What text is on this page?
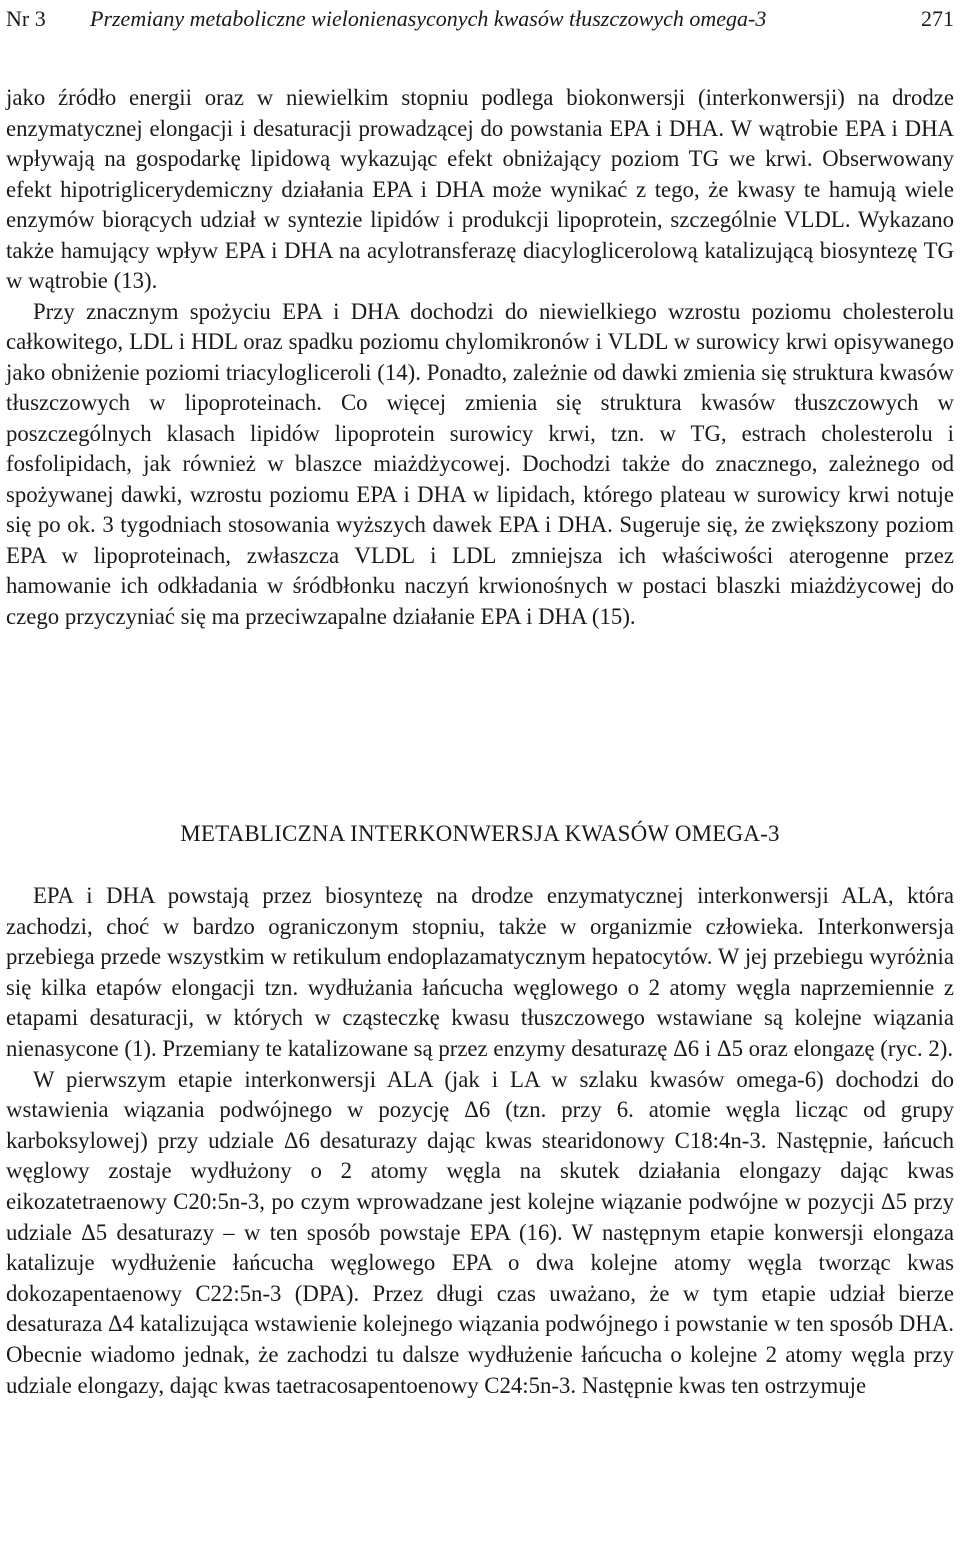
Nr 3 Przemiany metaboliczne wielonienasyconych kwasów tłuszczowych omega-3	271

jako źródło energii oraz w niewielkim stopniu podlega biokonwersji (interkonwersji) na drodze enzymatycznej elongacji i desaturacji prowadzącej do powstania EPA i DHA. W wątrobie EPA i DHA wpływają na gospodarkę lipidową wykazując efekt obniżający poziom TG we krwi. Obserwowany efekt hipotriglicerydemiczny działania EPA i DHA może wynikać z tego, że kwasy te hamują wiele enzymów biorących udział w syntezie lipidów i produkcji lipoprotein, szczególnie VLDL. Wykazano także hamujący wpływ EPA i DHA na acylotransferazę diacyloglicerolową katalizującą biosyntezę TG w wątrobie (13).

Przy znacznym spożyciu EPA i DHA dochodzi do niewielkiego wzrostu poziomu cholesterolu całkowitego, LDL i HDL oraz spadku poziomu chylomikronów i VLDL w surowicy krwi opisywanego jako obniżenie poziomi triacyloglicerolі (14). Ponadto, zależnie od dawki zmienia się struktura kwasów tłuszczowych w lipoproteinach. Co więcej zmienia się struktura kwasów tłuszczowych w poszczególnych klasach lipidów lipoprotein surowicy krwi, tzn. w TG, estrach cholesterolu i fosfolipidach, jak również w blaszce miażdżycowej. Dochodzi także do znacznego, zależnego od spożywanej dawki, wzrostu poziomu EPA i DHA w lipidach, którego plateau w surowicy krwi notuje się po ok. 3 tygodniach stosowania wyższych dawek EPA i DHA. Sugeruje się, że zwiększony poziom EPA w lipoproteinach, zwłaszcza VLDL i LDL zmniejsza ich właściwości aterogenne przez hamowanie ich odkładania w śródbłonku naczyń krwionośnych w postaci blaszki miażdżycowej do czego przyczyniać się ma przeciwzapalne działanie EPA i DHA (15).

METABLICZNA INTERKONWERSJA KWASÓW OMEGA-3

EPA i DHA powstają przez biosyntezę na drodze enzymatycznej interkonwersji ALA, która zachodzi, choć w bardzo ograniczonym stopniu, także w organizmie człowieka. Interkonwersja przebiega przede wszystkim w retikulum endoplazamatycznym hepatocytów. W jej przebiegu wyróżnia się kilka etapów elongacji tzn. wydłużania łańcucha węglowego o 2 atomy węgla naprzemiennie z etapami desaturacji, w których w cząsteczkę kwasu tłuszczowego wstawiane są kolejne wiązania nienasycone (1). Przemiany te katalizowane są przez enzymy desaturazę Δ6 i Δ5 oraz elongazę (ryc. 2).

W pierwszym etapie interkonwersji ALA (jak i LA w szlaku kwasów omega-6) dochodzi do wstawienia wiązania podwójnego w pozycję Δ6 (tzn. przy 6. atomie węgla licząc od grupy karboksylowej) przy udziale Δ6 desaturazy dając kwas stearidonowy C18:4n-3. Następnie, łańcuch węglowy zostaje wydłużony o 2 atomy węgla na skutek działania elongazy dając kwas eikozatetraenowy C20:5n-3, po czym wprowadzane jest kolejne wiązanie podwójne w pozycji Δ5 przy udziale Δ5 desaturazy – w ten sposób powstaje EPA (16). W następnym etapie konwersji elongaza katalizuje wydłużenie łańcucha węglowego EPA o dwa kolejne atomy węgla tworząc kwas dokozapentaenowy C22:5n-3 (DPA). Przez długi czas uważano, że w tym etapie udział bierze desaturaza Δ4 katalizująca wstawienie kolejnego wiązania podwójnego i powstanie w ten sposób DHA. Obecnie wiadomo jednak, że zachodzi tu dalsze wydłużenie łańcucha o kolejne 2 atomy węgla przy udziale elongazy, dając kwas taetracosapentoenowy C24:5n-3. Następnie kwas ten ostrzymuje
